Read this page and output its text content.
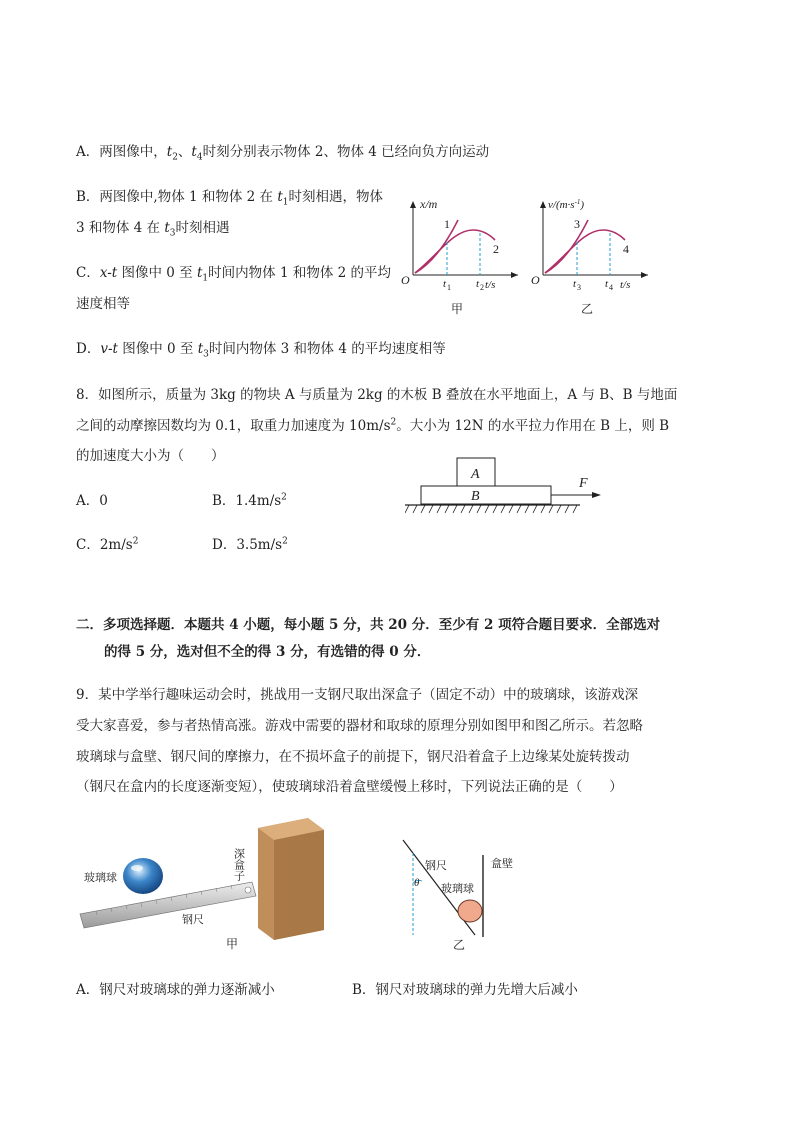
A．两图像中，$t_2$、$t_4$时刻分别表示物体 2、物体 4 已经向负方向运动
B．两图像中,物体 1 和物体 2 在 $t_1$时刻相遇，物体
3 和物体 4 在 $t_3$时刻相遇
C．x-t 图像中 0 至 $t_1$时间内物体 1 和物体 2 的平均
速度相等
D．v-t 图像中 0 至 $t_3$时间内物体 3 和物体 4 的平均速度相等
x/m
O	t/s
1
2
t 1 t 2
甲
$v/(m\cdot s^{-1})$
O	t/s
3
4
t 3 t 4
乙
8．如图所示，质量为 3kg 的物块 A 与质量为 2kg 的木板 B 叠放在水平地面上，A 与 B、B 与地面
之间的动摩擦因数均为 0.1，取重力加速度为 $10m/s^2$。大小为 12N 的水平拉力作用在 B 上，则 B
的加速度大小为（　　）
A．0	B．$1.4m/s^2$
C．$2m/s^2$	D．$3.5m/s^2$
A
B
F
二．多项选择题．本题共 4 小题，每小题 5 分，共 20 分．至少有 2 项符合题目要求．全部选对
的得 5 分，选对但不全的得 3 分，有选错的得 0 分．
9．某中学举行趣味运动会时，挑战用一支钢尺取出深盒子（固定不动）中的玻璃球，该游戏深
受大家喜爱，参与者热情高涨。游戏中需要的器材和取球的原理分别如图甲和图乙所示。若忽略
玻璃球与盒壁、钢尺间的摩擦力，在不损坏盒子的前提下，钢尺沿着盒子上边缘某处旋转拨动
（钢尺在盒内的长度逐渐变短），使玻璃球沿着盒壁缓慢上移时，下列说法正确的是（　　）
玻璃球	深盒子
钢尺
甲
钢尺
θ
盒壁
玻璃球
乙
A．钢尺对玻璃球的弹力逐渐减小	B．钢尺对玻璃球的弹力先增大后减小
